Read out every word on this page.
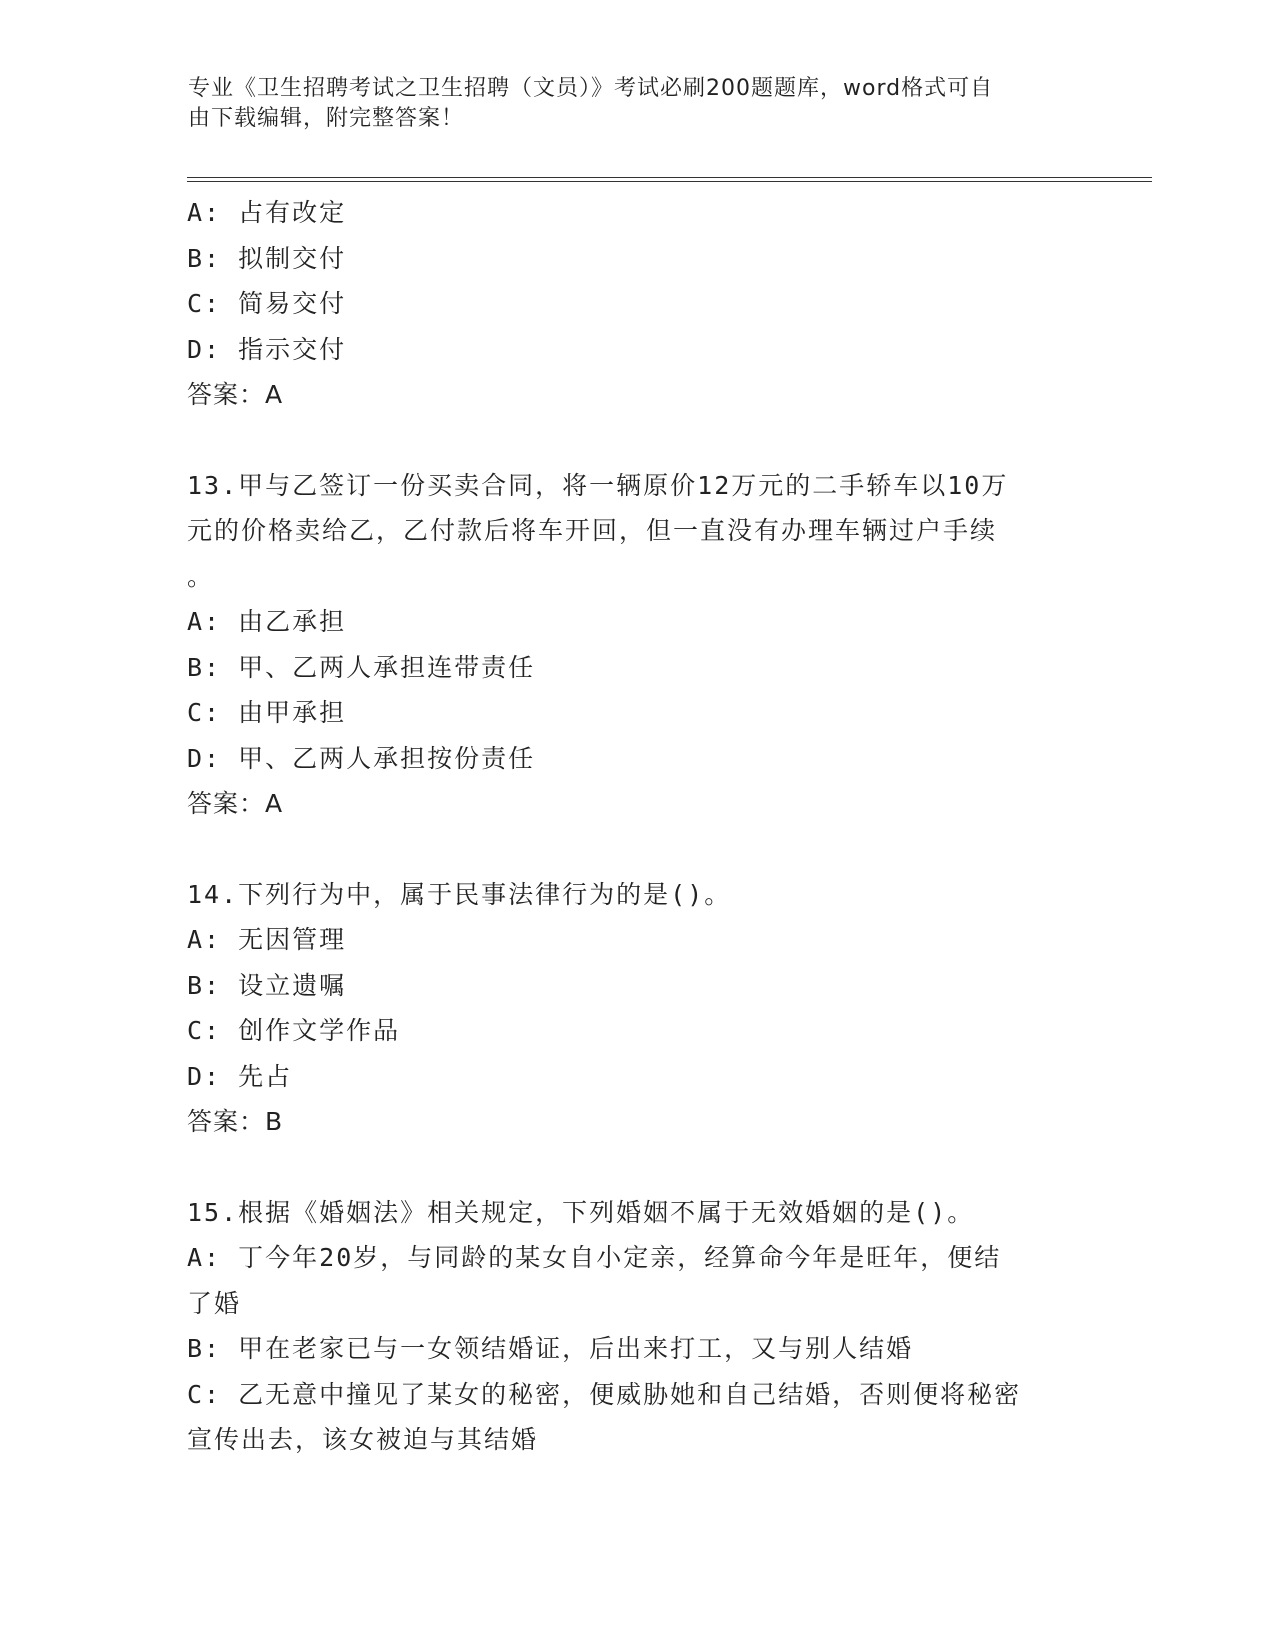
专业《卫生招聘考试之卫生招聘（文员）》考试必刷200题题库，word格式可自
由下载编辑，附完整答案！
A: 占有改定
B: 拟制交付
C: 简易交付
D: 指示交付
答案：A
13.甲与乙签订一份买卖合同，将一辆原价12万元的二手轿车以10万
元的价格卖给乙，乙付款后将车开回，但一直没有办理车辆过户手续
。
A: 由乙承担
B: 甲、乙两人承担连带责任
C: 由甲承担
D: 甲、乙两人承担按份责任
答案：A
14.下列行为中，属于民事法律行为的是()。
A: 无因管理
B: 设立遗嘱
C: 创作文学作品
D: 先占
答案：B
15.根据《婚姻法》相关规定，下列婚姻不属于无效婚姻的是()。
A: 丁今年20岁，与同龄的某女自小定亲，经算命今年是旺年，便结
了婚
B: 甲在老家已与一女领结婚证，后出来打工，又与别人结婚
C: 乙无意中撞见了某女的秘密，便威胁她和自己结婚，否则便将秘密
宣传出去，该女被迫与其结婚
